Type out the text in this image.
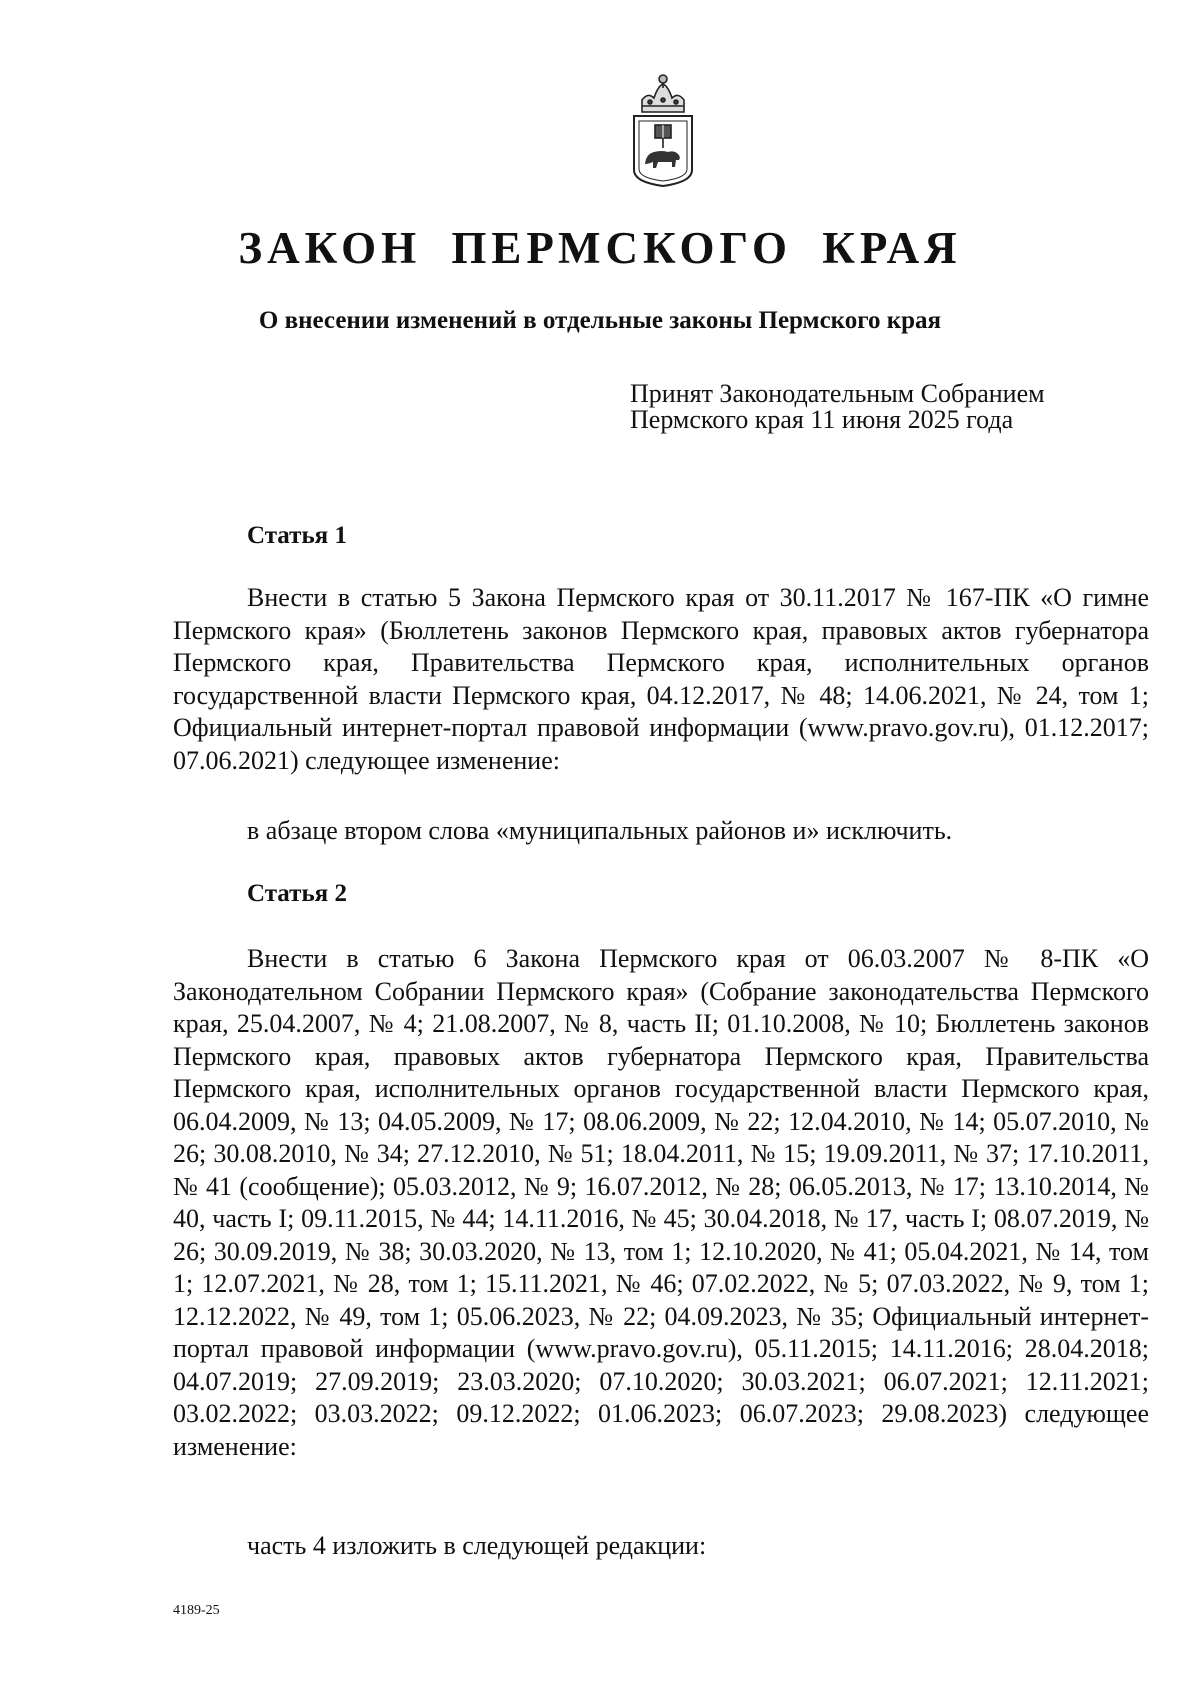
ЗАКОН ПЕРМСКОГО КРАЯ
О внесении изменений в отдельные законы Пермского края
Принят Законодательным Собранием
Пермского края 11 июня 2025 года
Статья 1

Внести в статью 5 Закона Пермского края от 30.11.2017 № 167-ПК «О гимне Пермского края» (Бюллетень законов Пермского края, правовых актов губернатора Пермского края, Правительства Пермского края, исполнительных органов государственной власти Пермского края, 04.12.2017, № 48; 14.06.2021, № 24, том 1; Официальный интернет-портал правовой информации (www.pravo.gov.ru), 01.12.2017; 07.06.2021) следующее изменение:

в абзаце втором слова «муниципальных районов и» исключить.

Статья 2

Внести в статью 6 Закона Пермского края от 06.03.2007 № 8-ПК «О Законодательном Собрании Пермского края» (Собрание законодательства Пермского края, 25.04.2007, № 4; 21.08.2007, № 8, часть II; 01.10.2008, № 10; Бюллетень законов Пермского края, правовых актов губернатора Пермского края, Правительства Пермского края, исполнительных органов государственной власти Пермского края, 06.04.2009, № 13; 04.05.2009, № 17; 08.06.2009, № 22; 12.04.2010, № 14; 05.07.2010, № 26; 30.08.2010, № 34; 27.12.2010, № 51; 18.04.2011, № 15; 19.09.2011, № 37; 17.10.2011, № 41 (сообщение); 05.03.2012, № 9; 16.07.2012, № 28; 06.05.2013, № 17; 13.10.2014, № 40, часть I; 09.11.2015, № 44; 14.11.2016, № 45; 30.04.2018, № 17, часть I; 08.07.2019, № 26; 30.09.2019, № 38; 30.03.2020, № 13, том 1; 12.10.2020, № 41; 05.04.2021, № 14, том 1; 12.07.2021, № 28, том 1; 15.11.2021, № 46; 07.02.2022, № 5; 07.03.2022, № 9, том 1; 12.12.2022, № 49, том 1; 05.06.2023, № 22; 04.09.2023, № 35; Официальный интернет-портал правовой информации (www.pravo.gov.ru), 05.11.2015; 14.11.2016; 28.04.2018; 04.07.2019; 27.09.2019; 23.03.2020; 07.10.2020; 30.03.2021; 06.07.2021; 12.11.2021; 03.02.2022; 03.03.2022; 09.12.2022; 01.06.2023; 06.07.2023; 29.08.2023) следующее изменение:

часть 4 изложить в следующей редакции:

4189-25
